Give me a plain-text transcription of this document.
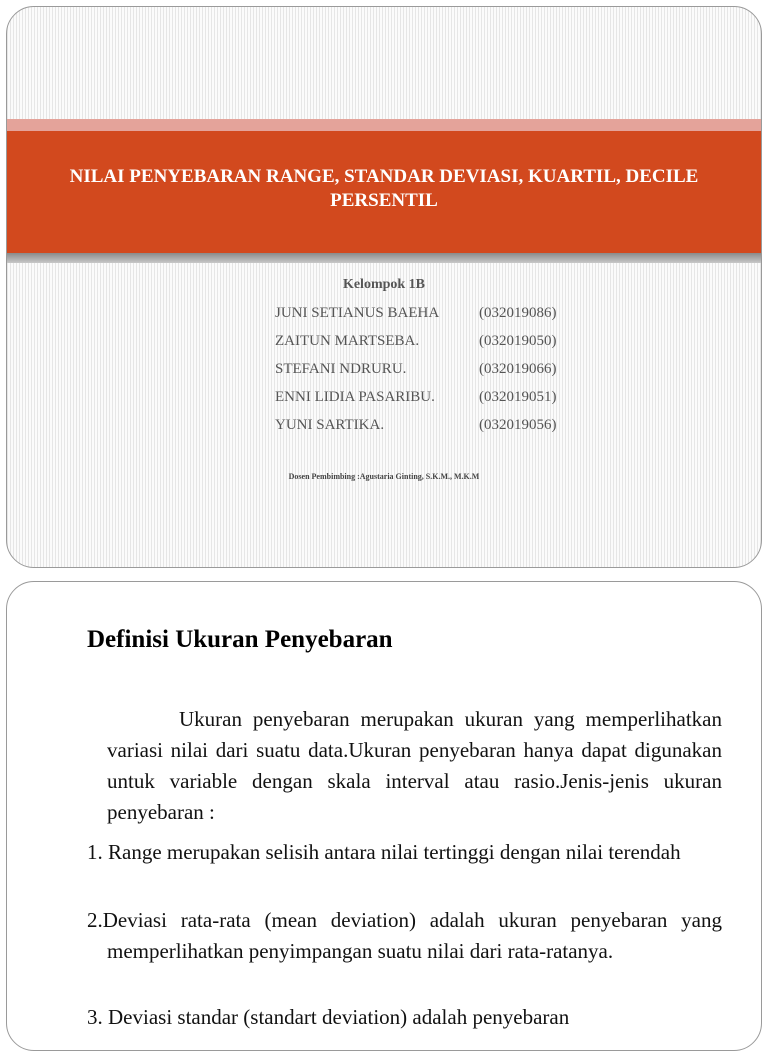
NILAI PENYEBARAN RANGE, STANDAR DEVIASI, KUARTIL, DECILE PERSENTIL
Kelompok 1B
JUNI SETIANUS BAEHA	(032019086)
ZAITUN MARTSEBA.	(032019050)
STEFANI NDRURU.	(032019066)
ENNI LIDIA PASARIBU.	(032019051)
YUNI SARTIKA.	(032019056)
Dosen Pembimbing :Agustaria Ginting, S.K.M., M.K.M
Definisi Ukuran Penyebaran

Ukuran penyebaran merupakan ukuran yang memperlihatkan variasi nilai dari suatu data.Ukuran penyebaran hanya dapat digunakan untuk variable dengan skala interval atau rasio.Jenis-jenis ukuran penyebaran :

1. Range merupakan selisih antara nilai tertinggi dengan nilai terendah

2.Deviasi rata-rata (mean deviation) adalah ukuran penyebaran yang memperlihatkan penyimpangan suatu nilai dari rata-ratanya.

3. Deviasi standar (standart deviation) adalah penyebaran
